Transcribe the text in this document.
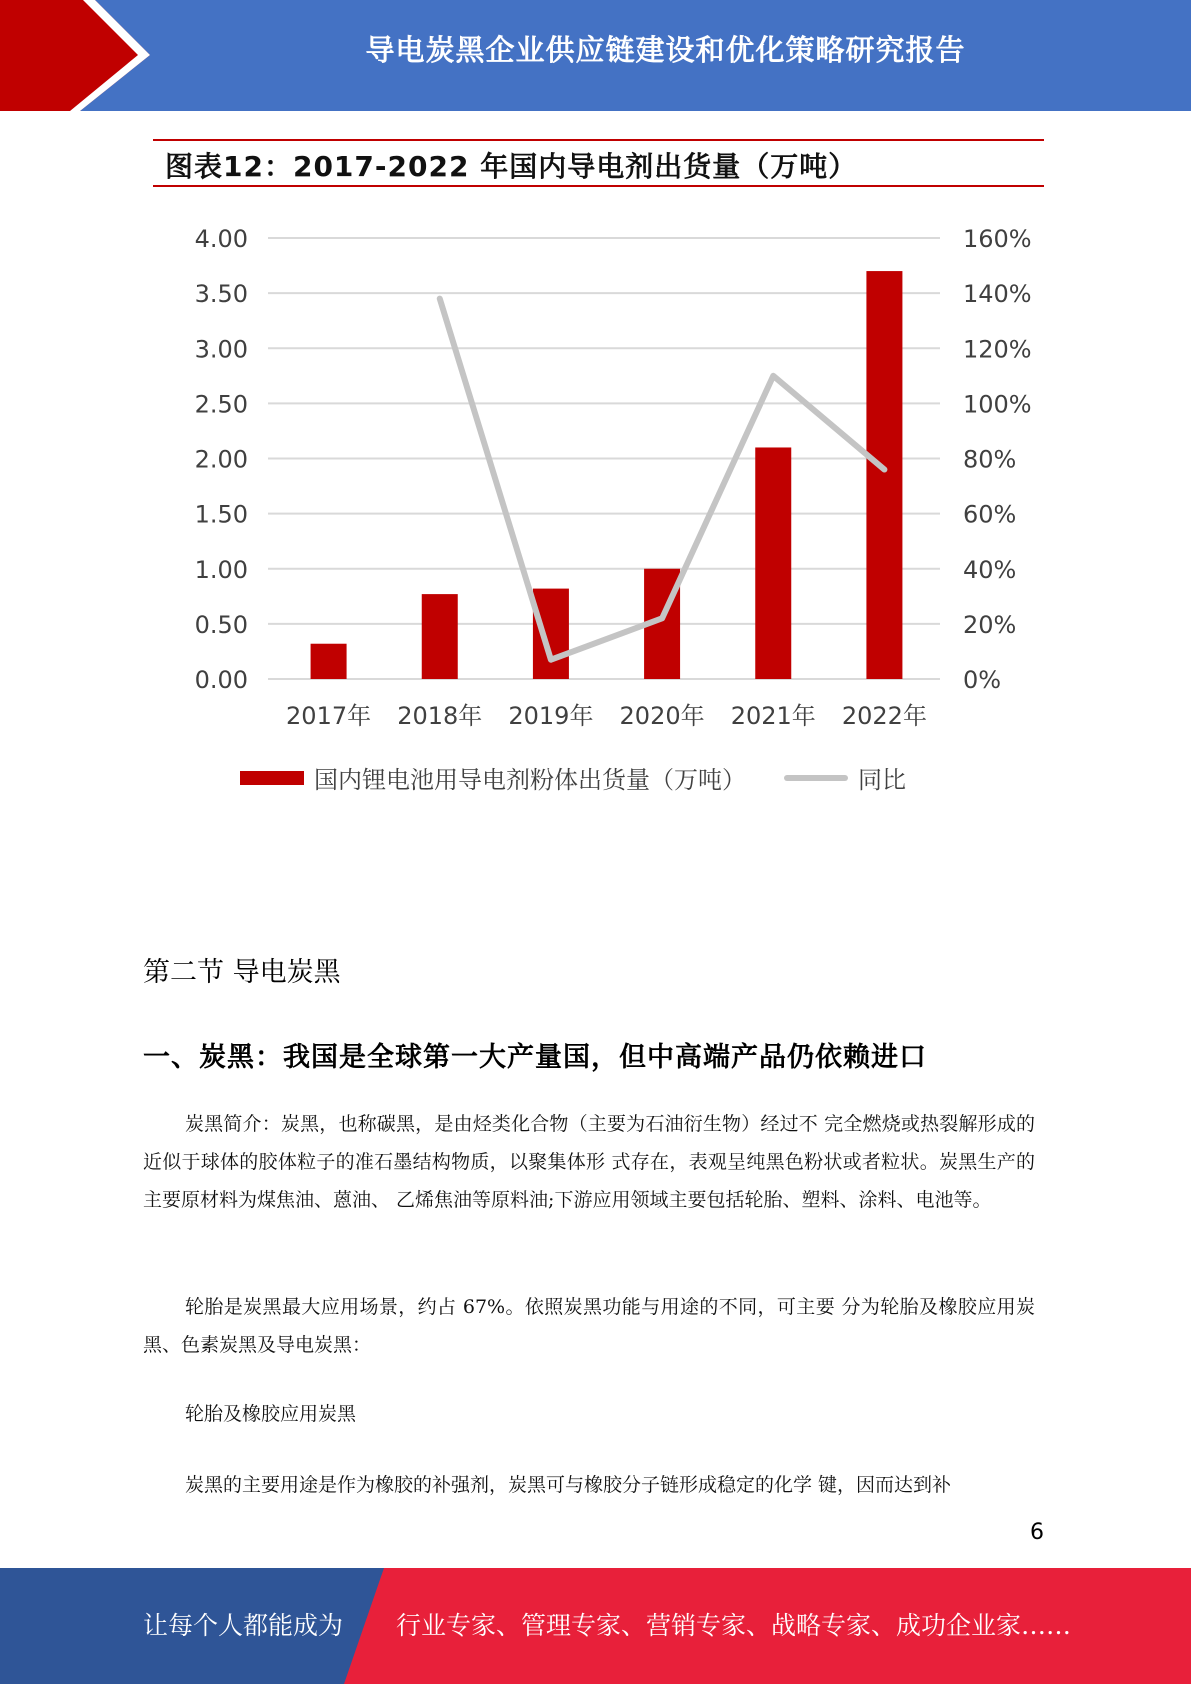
导电炭黑企业供应链建设和优化策略研究报告
图表12：2017-2022 年国内导电剂出货量（万吨）
0.00
0.50
1.00
1.50
2.00
2.50
3.00
3.50
4.00
0%
20%
40%
60%
80%
100%
120%
140%
160%
2017年 2018年 2019年 2020年 2021年 2022年
国内锂电池用导电剂粉体出货量（万吨）	同比
第二节 导电炭黑
一、炭黑：我国是全球第一大产量国，但中高端产品仍依赖进口

炭黑简介：炭黑，也称碳黑，是由烃类化合物（主要为石油衍生物）经过不 完全燃烧或热裂解形成的近似于球体的胶体粒子的准石墨结构物质，以聚集体形 式存在，表观呈纯黑色粉状或者粒状。炭黑生产的主要原材料为煤焦油、蒽油、 乙烯焦油等原料油;下游应用领域主要包括轮胎、塑料、涂料、电池等。

轮胎是炭黑最大应用场景，约占 67%。依照炭黑功能与用途的不同，可主要 分为轮胎及橡胶应用炭黑、色素炭黑及导电炭黑：

轮胎及橡胶应用炭黑

炭黑的主要用途是作为橡胶的补强剂，炭黑可与橡胶分子链形成稳定的化学 键，因而达到补

6
让每个人都能成为 行业专家、管理专家、营销专家、战略专家、成功企业家……
